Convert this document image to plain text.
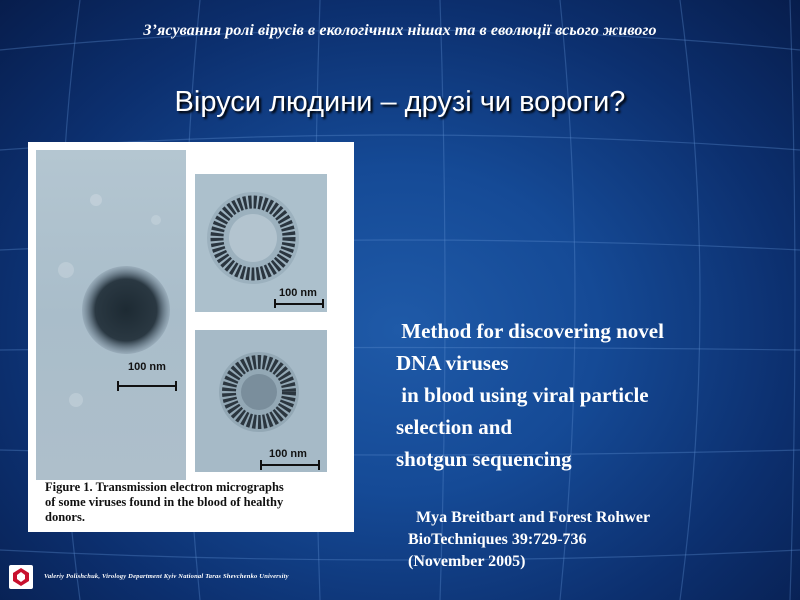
З’ясування ролі вірусів в екологічних нішах та в еволюції всього живого
Віруси людини – друзі чи вороги?
100 nm
100 nm
100 nm
Figure 1. Transmission electron micrographs
of some viruses found in the blood of healthy
donors.
Method for discovering novel
DNA viruses
in blood using viral particle
selection and
shotgun sequencing
Mya Breitbart and Forest Rohwer
BioTechniques 39:729-736
(November 2005)
Valeriy Polishchuk, Virology Department Kyiv National Taras Shevchenko University
